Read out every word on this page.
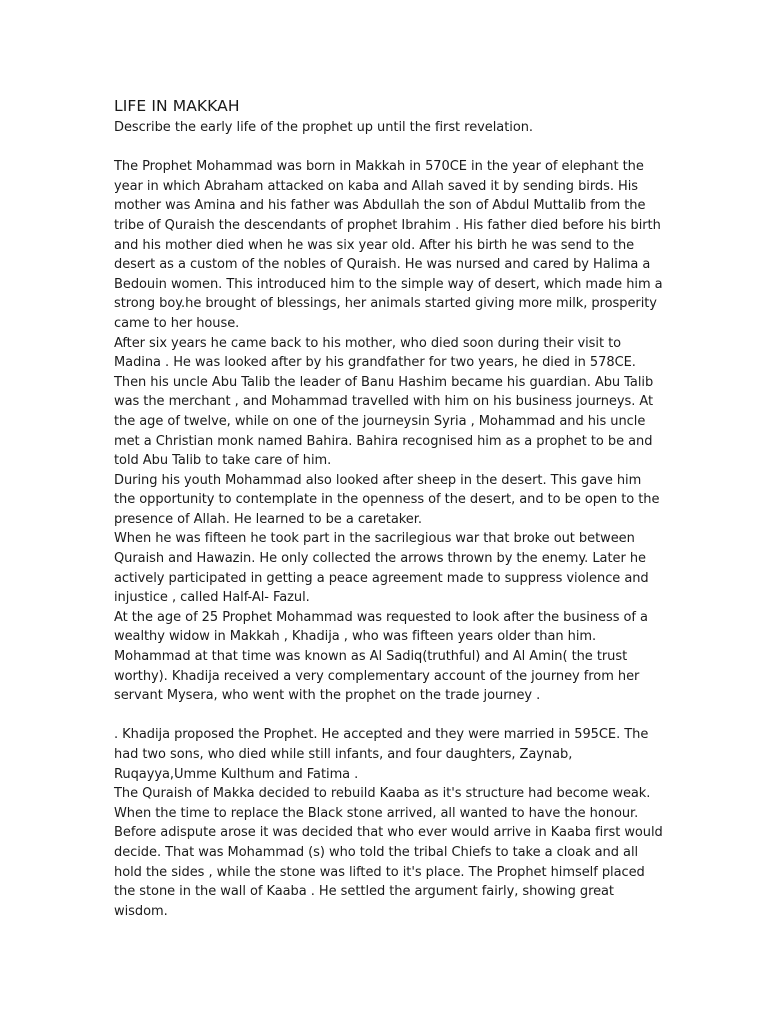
LIFE IN MAKKAH

Describe the early life of the prophet up until the first revelation.

The Prophet Mohammad was born in Makkah in 570CE in the year of elephant the

year in which Abraham attacked on kaba and Allah saved it by sending birds. His

mother was Amina and his father was Abdullah the son of Abdul Muttalib from the

tribe of Quraish the descendants of prophet Ibrahim . His father died before his birth

and his mother died when he was six year old. After his birth he was send to the

desert as a custom of the nobles of Quraish. He was nursed and cared by Halima a

Bedouin women. This introduced him to the simple way of desert, which made him a

strong boy.he brought of blessings, her animals started giving more milk, prosperity

came to her house.

After six years he came back to his mother, who died soon during their visit to

Madina . He was looked after by his grandfather for two years, he died in 578CE.

Then his uncle Abu Talib the leader of Banu Hashim became his guardian. Abu Talib

was the merchant , and Mohammad travelled with him on his business journeys. At

the age of twelve, while on one of the journeysin Syria , Mohammad and his uncle

met a Christian monk named Bahira. Bahira recognised him as a prophet to be and

told Abu Talib to take care of him.

During his youth Mohammad also looked after sheep in the desert. This gave him

the opportunity to contemplate in the openness of the desert, and to be open to the

presence of Allah. He learned to be a caretaker.

When he was fifteen he took part in the sacrilegious war that broke out between

Quraish and Hawazin. He only collected the arrows thrown by the enemy. Later he

actively participated in getting a peace agreement made to suppress violence and

injustice , called Half-Al- Fazul.

At the age of 25 Prophet Mohammad was requested to look after the business of a

wealthy widow in Makkah , Khadija , who was fifteen years older than him.

Mohammad at that time was known as Al Sadiq(truthful) and Al Amin( the trust

worthy). Khadija received a very complementary account of the journey from her

servant Mysera, who went with the prophet on the trade journey .

. Khadija proposed the Prophet. He accepted and they were married in 595CE. The

had two sons, who died while still infants, and four daughters, Zaynab,

Ruqayya,Umme Kulthum and Fatima .

The Quraish of Makka decided to rebuild Kaaba as it's structure had become weak.

When the time to replace the Black stone arrived, all wanted to have the honour.

Before adispute arose it was decided that who ever would arrive in Kaaba first would

decide. That was Mohammad (s) who told the tribal Chiefs to take a cloak and all

hold the sides , while the stone was lifted to it's place. The Prophet himself placed

the stone in the wall of Kaaba . He settled the argument fairly, showing great

wisdom.
